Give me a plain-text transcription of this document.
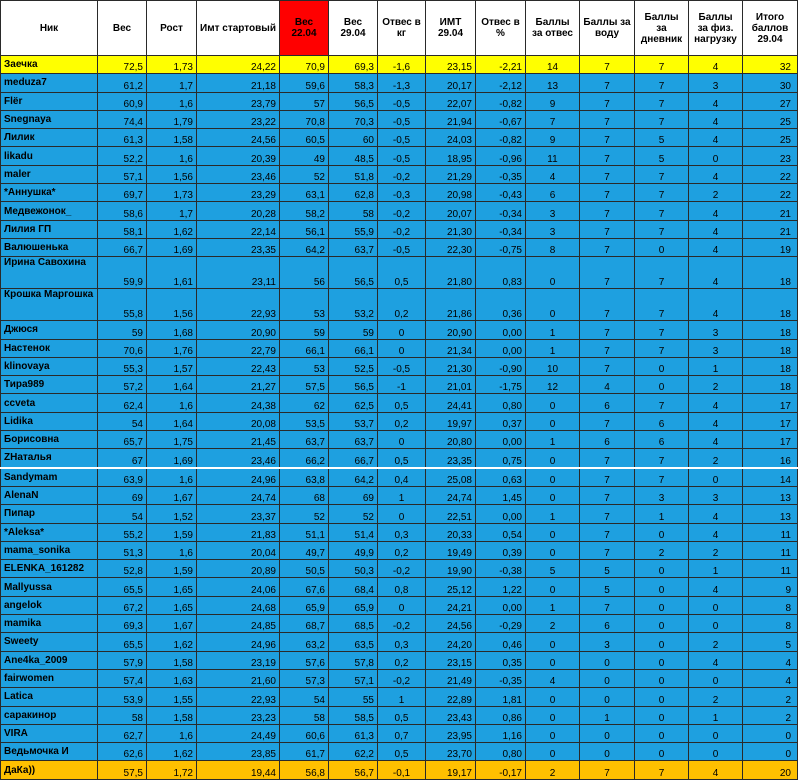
Ник	Вес	Рост	Имт стартовый	Вес 22.04	Вес 29.04	Отвес в кг	ИМТ 29.04	Отвес в %	Баллы за отвес	Баллы за воду	Баллы за дневник	Баллы за физ. нагрузку	Итого баллов 29.04
Заечка	72,5	1,73	24,22	70,9	69,3	-1,6	23,15	-2,21	14	7	7	4	32
meduza7	61,2	1,7	21,18	59,6	58,3	-1,3	20,17	-2,12	13	7	7	3	30
Flёr	60,9	1,6	23,79	57	56,5	-0,5	22,07	-0,82	9	7	7	4	27
Snegnaya	74,4	1,79	23,22	70,8	70,3	-0,5	21,94	-0,67	7	7	7	4	25
Лилик	61,3	1,58	24,56	60,5	60	-0,5	24,03	-0,82	9	7	5	4	25
likadu	52,2	1,6	20,39	49	48,5	-0,5	18,95	-0,96	11	7	5	0	23
maler	57,1	1,56	23,46	52	51,8	-0,2	21,29	-0,35	4	7	7	4	22
*Аннушка*	69,7	1,73	23,29	63,1	62,8	-0,3	20,98	-0,43	6	7	7	2	22
Медвежонок_	58,6	1,7	20,28	58,2	58	-0,2	20,07	-0,34	3	7	7	4	21
Лилия ГП	58,1	1,62	22,14	56,1	55,9	-0,2	21,30	-0,34	3	7	7	4	21
Валюшенька	66,7	1,69	23,35	64,2	63,7	-0,5	22,30	-0,75	8	7	0	4	19
Ирина Савохина	59,9	1,61	23,11	56	56,5	0,5	21,80	0,83	0	7	7	4	18
Крошка Маргошка	55,8	1,56	22,93	53	53,2	0,2	21,86	0,36	0	7	7	4	18
Джюся	59	1,68	20,90	59	59	0	20,90	0,00	1	7	7	3	18
Настенок	70,6	1,76	22,79	66,1	66,1	0	21,34	0,00	1	7	7	3	18
klinovaya	55,3	1,57	22,43	53	52,5	-0,5	21,30	-0,90	10	7	0	1	18
Тира989	57,2	1,64	21,27	57,5	56,5	-1	21,01	-1,75	12	4	0	2	18
ccveta	62,4	1,6	24,38	62	62,5	0,5	24,41	0,80	0	6	7	4	17
Lidika	54	1,64	20,08	53,5	53,7	0,2	19,97	0,37	0	7	6	4	17
Борисовна	65,7	1,75	21,45	63,7	63,7	0	20,80	0,00	1	6	6	4	17
ZНаталья	67	1,69	23,46	66,2	66,7	0,5	23,35	0,75	0	7	7	2	16
Sandymam	63,9	1,6	24,96	63,8	64,2	0,4	25,08	0,63	0	7	7	0	14
AlenaN	69	1,67	24,74	68	69	1	24,74	1,45	0	7	3	3	13
Пипар	54	1,52	23,37	52	52	0	22,51	0,00	1	7	1	4	13
*Aleksa*	55,2	1,59	21,83	51,1	51,4	0,3	20,33	0,54	0	7	0	4	11
mama_sonika	51,3	1,6	20,04	49,7	49,9	0,2	19,49	0,39	0	7	2	2	11
ELENKA_161282	52,8	1,59	20,89	50,5	50,3	-0,2	19,90	-0,38	5	5	0	1	11
Mallyussa	65,5	1,65	24,06	67,6	68,4	0,8	25,12	1,22	0	5	0	4	9
angelok	67,2	1,65	24,68	65,9	65,9	0	24,21	0,00	1	7	0	0	8
mamika	69,3	1,67	24,85	68,7	68,5	-0,2	24,56	-0,29	2	6	0	0	8
Sweety	65,5	1,62	24,96	63,2	63,5	0,3	24,20	0,46	0	3	0	2	5
Ane4ka_2009	57,9	1,58	23,19	57,6	57,8	0,2	23,15	0,35	0	0	0	4	4
fairwomen	57,4	1,63	21,60	57,3	57,1	-0,2	21,49	-0,35	4	0	0	0	4
Latica	53,9	1,55	22,93	54	55	1	22,89	1,81	0	0	0	2	2
саракинор	58	1,58	23,23	58	58,5	0,5	23,43	0,86	0	1	0	1	2
VIRA	62,7	1,6	24,49	60,6	61,3	0,7	23,95	1,16	0	0	0	0	0
Ведьмочка И	62,6	1,62	23,85	61,7	62,2	0,5	23,70	0,80	0	0	0	0	0
ДаКа))	57,5	1,72	19,44	56,8	56,7	-0,1	19,17	-0,17	2	7	7	4	20
